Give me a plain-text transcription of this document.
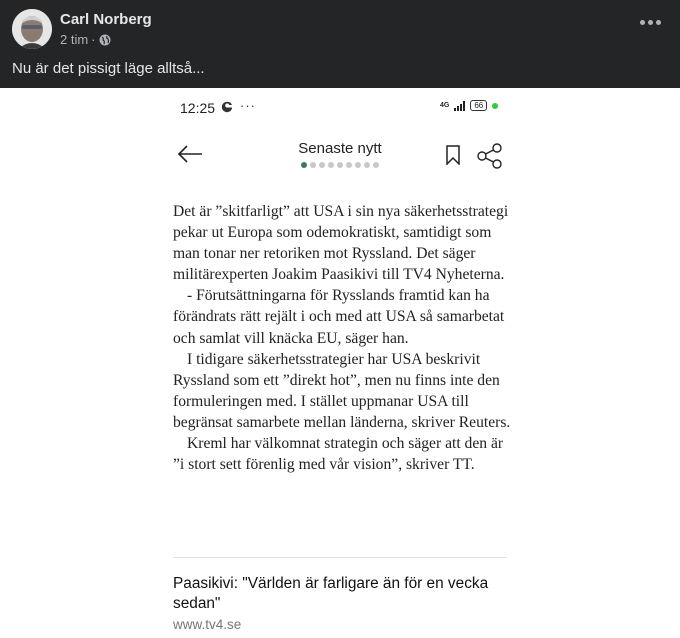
Carl Norberg
2 tim ·
Nu är det pissigt läge alltså...
12:25 ···	4G	66
Senaste nytt

Det är ”skitfarligt” att USA i sin nya säkerhetsstrategi pekar ut Europa som odemokratiskt, samtidigt som man tonar ner retoriken mot Ryssland. Det säger militärexperten Joakim Paasikivi till TV4 Nyheterna.

- Förutsättningarna för Rysslands framtid kan ha förändrats rätt rejält i och med att USA så samarbetat och samlat vill knäcka EU, säger han.

I tidigare säkerhetsstrategier har USA beskrivit Ryssland som ett ”direkt hot”, men nu finns inte den formuleringen med. I stället uppmanar USA till begränsat samarbete mellan länderna, skriver Reuters.

Kreml har välkomnat strategin och säger att den är ”i stort sett förenlig med vår vision”, skriver TT.

Paasikivi: "Världen är farligare än för en vecka sedan"
www.tv4.se
